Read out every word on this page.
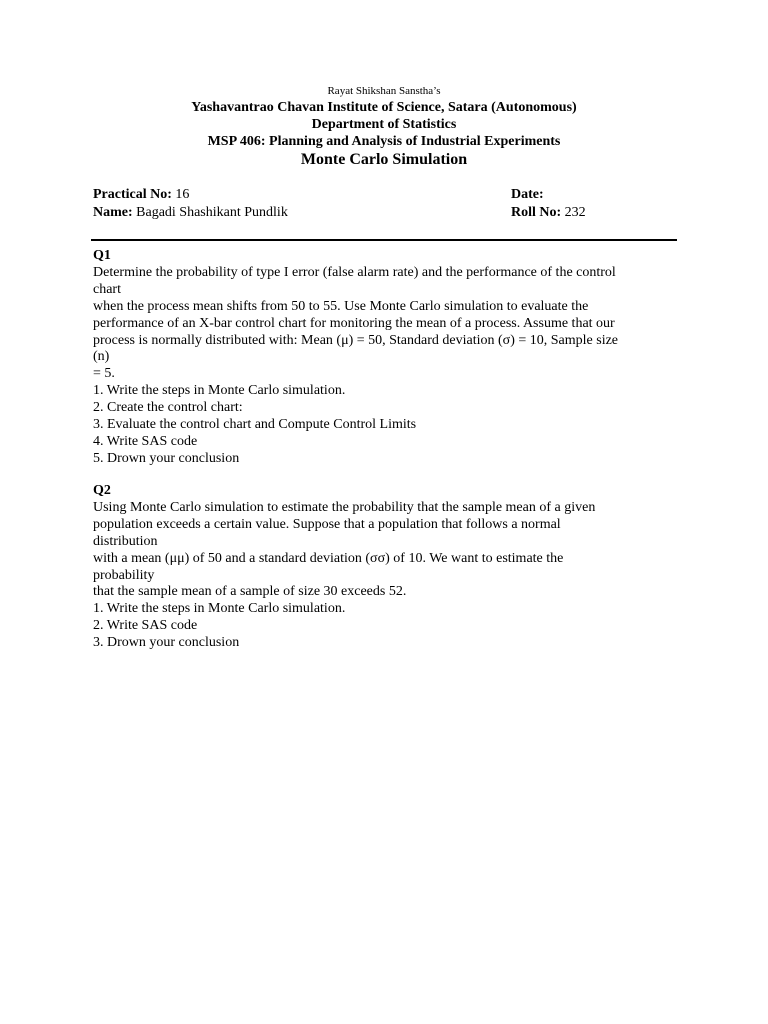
Rayat Shikshan Sanstha’s
Yashavantrao Chavan Institute of Science, Satara (Autonomous)
Department of Statistics
MSP 406: Planning and Analysis of Industrial Experiments
Monte Carlo Simulation
Practical No: 16
Name: Bagadi Shashikant Pundlik
Date:
Roll No: 232
Q1
Determine the probability of type I error (false alarm rate) and the performance of the control
chart
when the process mean shifts from 50 to 55. Use Monte Carlo simulation to evaluate the
performance of an X-bar control chart for monitoring the mean of a process. Assume that our
process is normally distributed with: Mean (μ) = 50, Standard deviation (σ) = 10, Sample size
(n)
= 5.
1. Write the steps in Monte Carlo simulation.
2. Create the control chart:
3. Evaluate the control chart and Compute Control Limits
4. Write SAS code
5. Drown your conclusion
Q2
Using Monte Carlo simulation to estimate the probability that the sample mean of a given
population exceeds a certain value. Suppose that a population that follows a normal
distribution
with a mean (μμ) of 50 and a standard deviation (σσ) of 10. We want to estimate the
probability
that the sample mean of a sample of size 30 exceeds 52.
1. Write the steps in Monte Carlo simulation.
2. Write SAS code
3. Drown your conclusion
